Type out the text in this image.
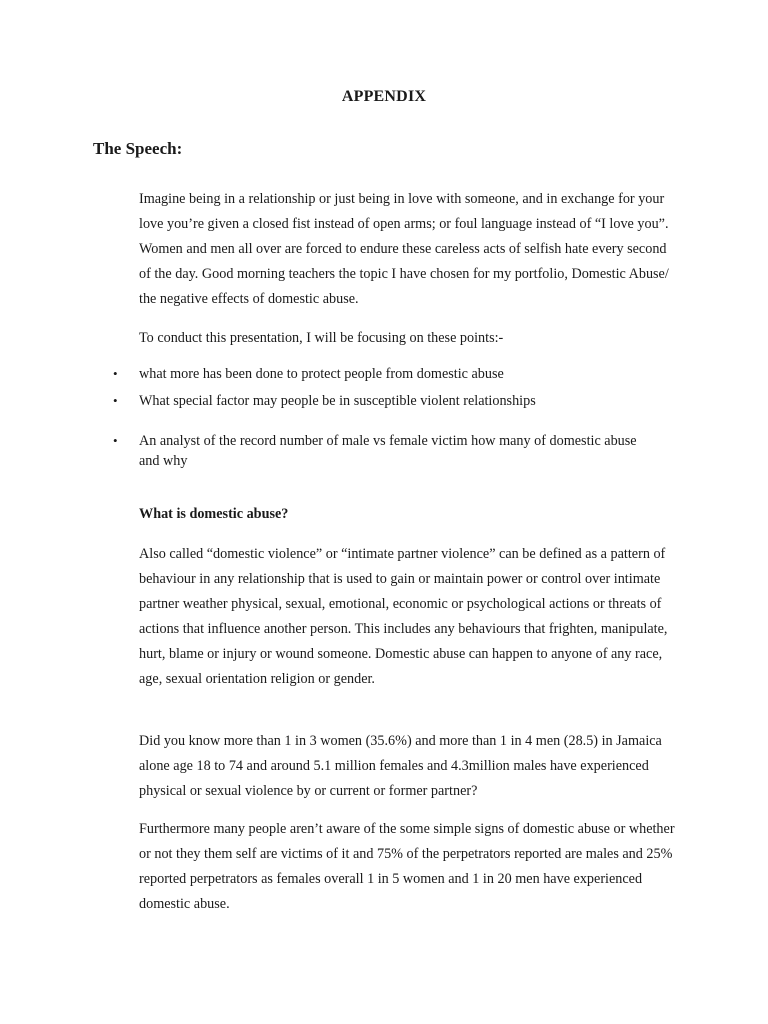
APPENDIX
The Speech:

Imagine being in a relationship or just being in love with someone, and in exchange for your love you’re given a closed fist instead of open arms; or foul language instead of “I love you”. Women and men all over are forced to endure these careless acts of selfish hate every second of the day. Good morning teachers the topic I have chosen for my portfolio, Domestic Abuse/ the negative effects of domestic abuse.

To conduct this presentation, I will be focusing on these points:-

• what more has been done to protect people from domestic abuse
• What special factor may people be in susceptible violent relationships
• An analyst of the record number of male vs female victim how many of domestic abuse and why
What is domestic abuse?

Also called “domestic violence” or “intimate partner violence” can be defined as a pattern of behaviour in any relationship that is used to gain or maintain power or control over intimate partner weather physical, sexual, emotional, economic or psychological actions or threats of actions that influence another person. This includes any behaviours that frighten, manipulate, hurt, blame or injury or wound someone. Domestic abuse can happen to anyone of any race, age, sexual orientation religion or gender.

Did you know more than 1 in 3 women (35.6%) and more than 1 in 4 men (28.5) in Jamaica alone age 18 to 74 and around 5.1 million females and 4.3million males have experienced physical or sexual violence by or current or former partner?

Furthermore many people aren’t aware of the some simple signs of domestic abuse or whether or not they them self are victims of it and 75% of the perpetrators reported are males and 25% reported perpetrators as females overall 1 in 5 women and 1 in 20 men have experienced domestic abuse.
